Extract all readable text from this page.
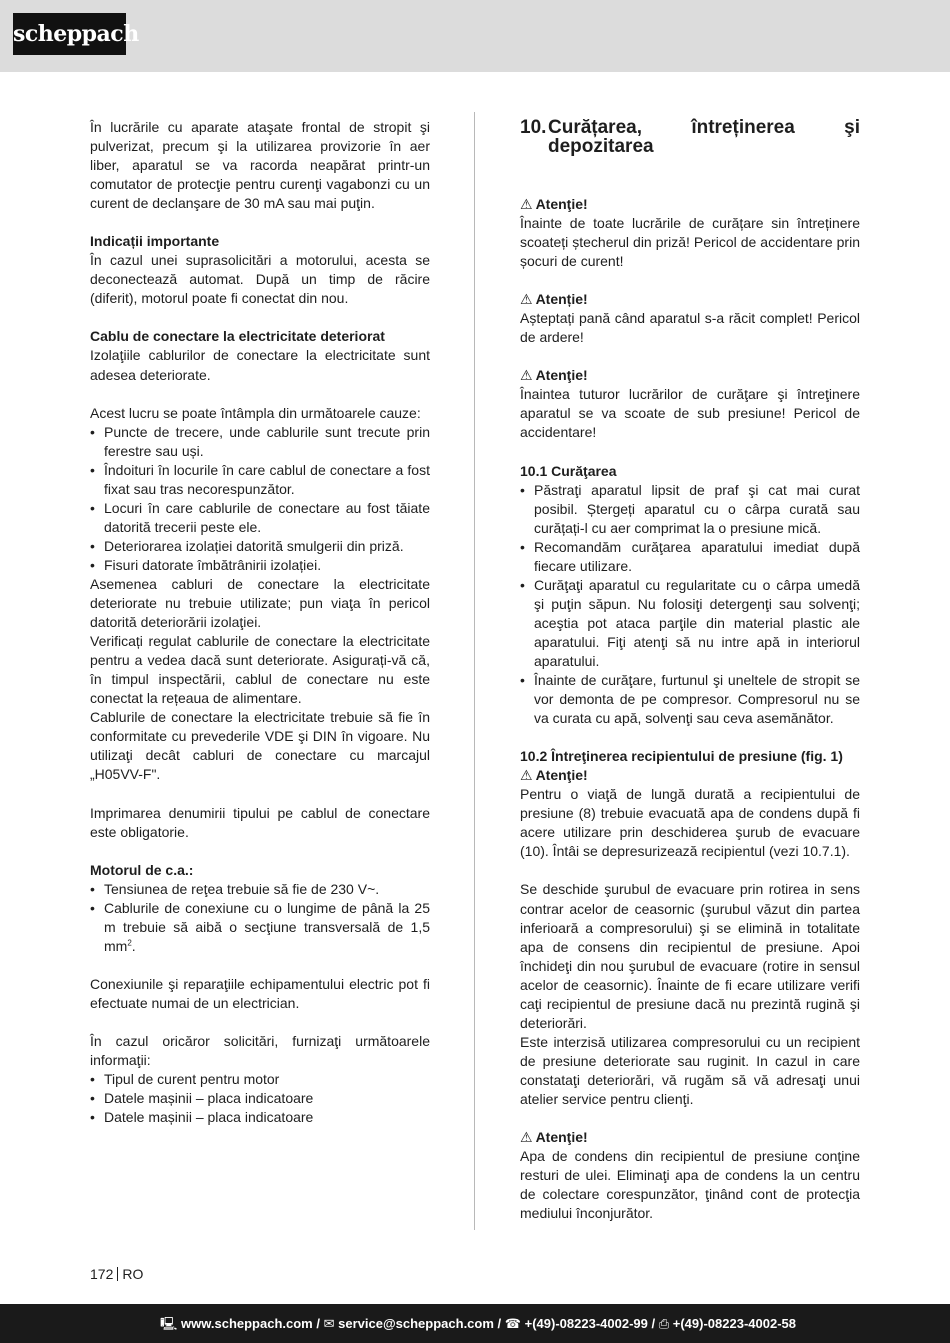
scheppach

În lucrările cu aparate ataşate frontal de stropit şi pulverizat, precum şi la utilizarea provizorie în aer liber, aparatul se va racorda neapărat printr-un comutator de protecţie pentru curenţi vagabonzi cu un curent de declanşare de 30 mA sau mai puţin.

Indicații importante

În cazul unei suprasolicitări a motorului, acesta se deconectează automat. După un timp de răcire (diferit), motorul poate fi conectat din nou.

Cablu de conectare la electricitate deteriorat

Izolaţiile cablurilor de conectare la electricitate sunt adesea deteriorate.

Acest lucru se poate întâmpla din următoarele cauze:

• Puncte de trecere, unde cablurile sunt trecute prin ferestre sau uși.
• Îndoituri în locurile în care cablul de conectare a fost fixat sau tras necorespunzător.
• Locuri în care cablurile de conectare au fost tăiate datorită trecerii peste ele.
• Deteriorarea izolației datorită smulgerii din priză.
• Fisuri datorate îmbătrânirii izolației.

Asemenea cabluri de conectare la electricitate deteriorate nu trebuie utilizate; pun viaţa în pericol datorită deteriorării izolaţiei.

Verificați regulat cablurile de conectare la electricitate pentru a vedea dacă sunt deteriorate. Asigurați-vă că, în timpul inspectării, cablul de conectare nu este conectat la rețeaua de alimentare.

Cablurile de conectare la electricitate trebuie să fie în conformitate cu prevederile VDE şi DIN în vigoare. Nu utilizaţi decât cabluri de conectare cu marcajul „H05VV-F".

Imprimarea denumirii tipului pe cablul de conectare este obligatorie.

Motorul de c.a.:

• Tensiunea de reţea trebuie să fie de 230 V~.
• Cablurile de conexiune cu o lungime de până la 25 m trebuie să aibă o secţiune transversală de 1,5 $mm^2$.

Conexiunile şi reparaţiile echipamentului electric pot fi efectuate numai de un electrician.

În cazul oricăror solicitări, furnizaţi următoarele informaţii:

• Tipul de curent pentru motor
• Datele mașinii – placa indicatoare
• Datele mașinii – placa indicatoare
10. Curățarea, întreținerea şi depozitarea

⚠ Atenţie!

Înainte de toate lucrările de curățare sin întreținere scoateți ștecherul din priză! Pericol de accidentare prin șocuri de curent!

⚠ Atenție!

Așteptați pană când aparatul s-a răcit complet! Pericol de ardere!

⚠ Atenţie!

Înaintea tuturor lucrărilor de curăţare şi întreţinere aparatul se va scoate de sub presiune! Pericol de accidentare!

10.1 Curăţarea

• Păstraţi aparatul lipsit de praf şi cat mai curat posibil. Ștergeți aparatul cu o cârpa curată sau curățați-l cu aer comprimat la o presiune mică.
• Recomandăm curăţarea aparatului imediat după fiecare utilizare.
• Curăţaţi aparatul cu regularitate cu o cârpa umedă şi puţin săpun. Nu folosiţi detergenţi sau solvenţi; aceştia pot ataca parţile din material plastic ale aparatului. Fiţi atenţi să nu intre apă in interiorul aparatului.
• Înainte de curăţare, furtunul şi uneltele de stropit se vor demonta de pe compresor. Compresorul nu se va curata cu apă, solvenţi sau ceva asemănător.

10.2 Întreţinerea recipientului de presiune (fig. 1)

⚠ Atenţie!

Pentru o viaţă de lungă durată a recipientului de presiune (8) trebuie evacuată apa de condens după fi acere utilizare prin deschiderea şurub de evacuare (10). Întâi se depresurizează recipientul (vezi 10.7.1).

Se deschide şurubul de evacuare prin rotirea in sens contrar acelor de ceasornic (şurubul văzut din partea inferioară a compresorului) şi se elimină in totalitate apa de consens din recipientul de presiune. Apoi închideţi din nou şurubul de evacuare (rotire in sensul acelor de ceasornic). Înainte de fi ecare utilizare verifi caţi recipientul de presiune dacă nu prezintă rugină şi deteriorări.

Este interzisă utilizarea compresorului cu un recipient de presiune deteriorate sau ruginit. In cazul in care constataţi deteriorări, vă rugăm să vă adresaţi unui atelier service pentru clienţi.

⚠ Atenţie!

Apa de condens din recipientul de presiune conţine resturi de ulei. Eliminaţi apa de condens la un centru de colectare corespunzător, ţinând cont de protecţia mediului înconjurător.

172 RO
🖳 www.scheppach.com / ✉ service@scheppach.com / ☎ +(49)-08223-4002-99 / ⎙ +(49)-08223-4002-58
